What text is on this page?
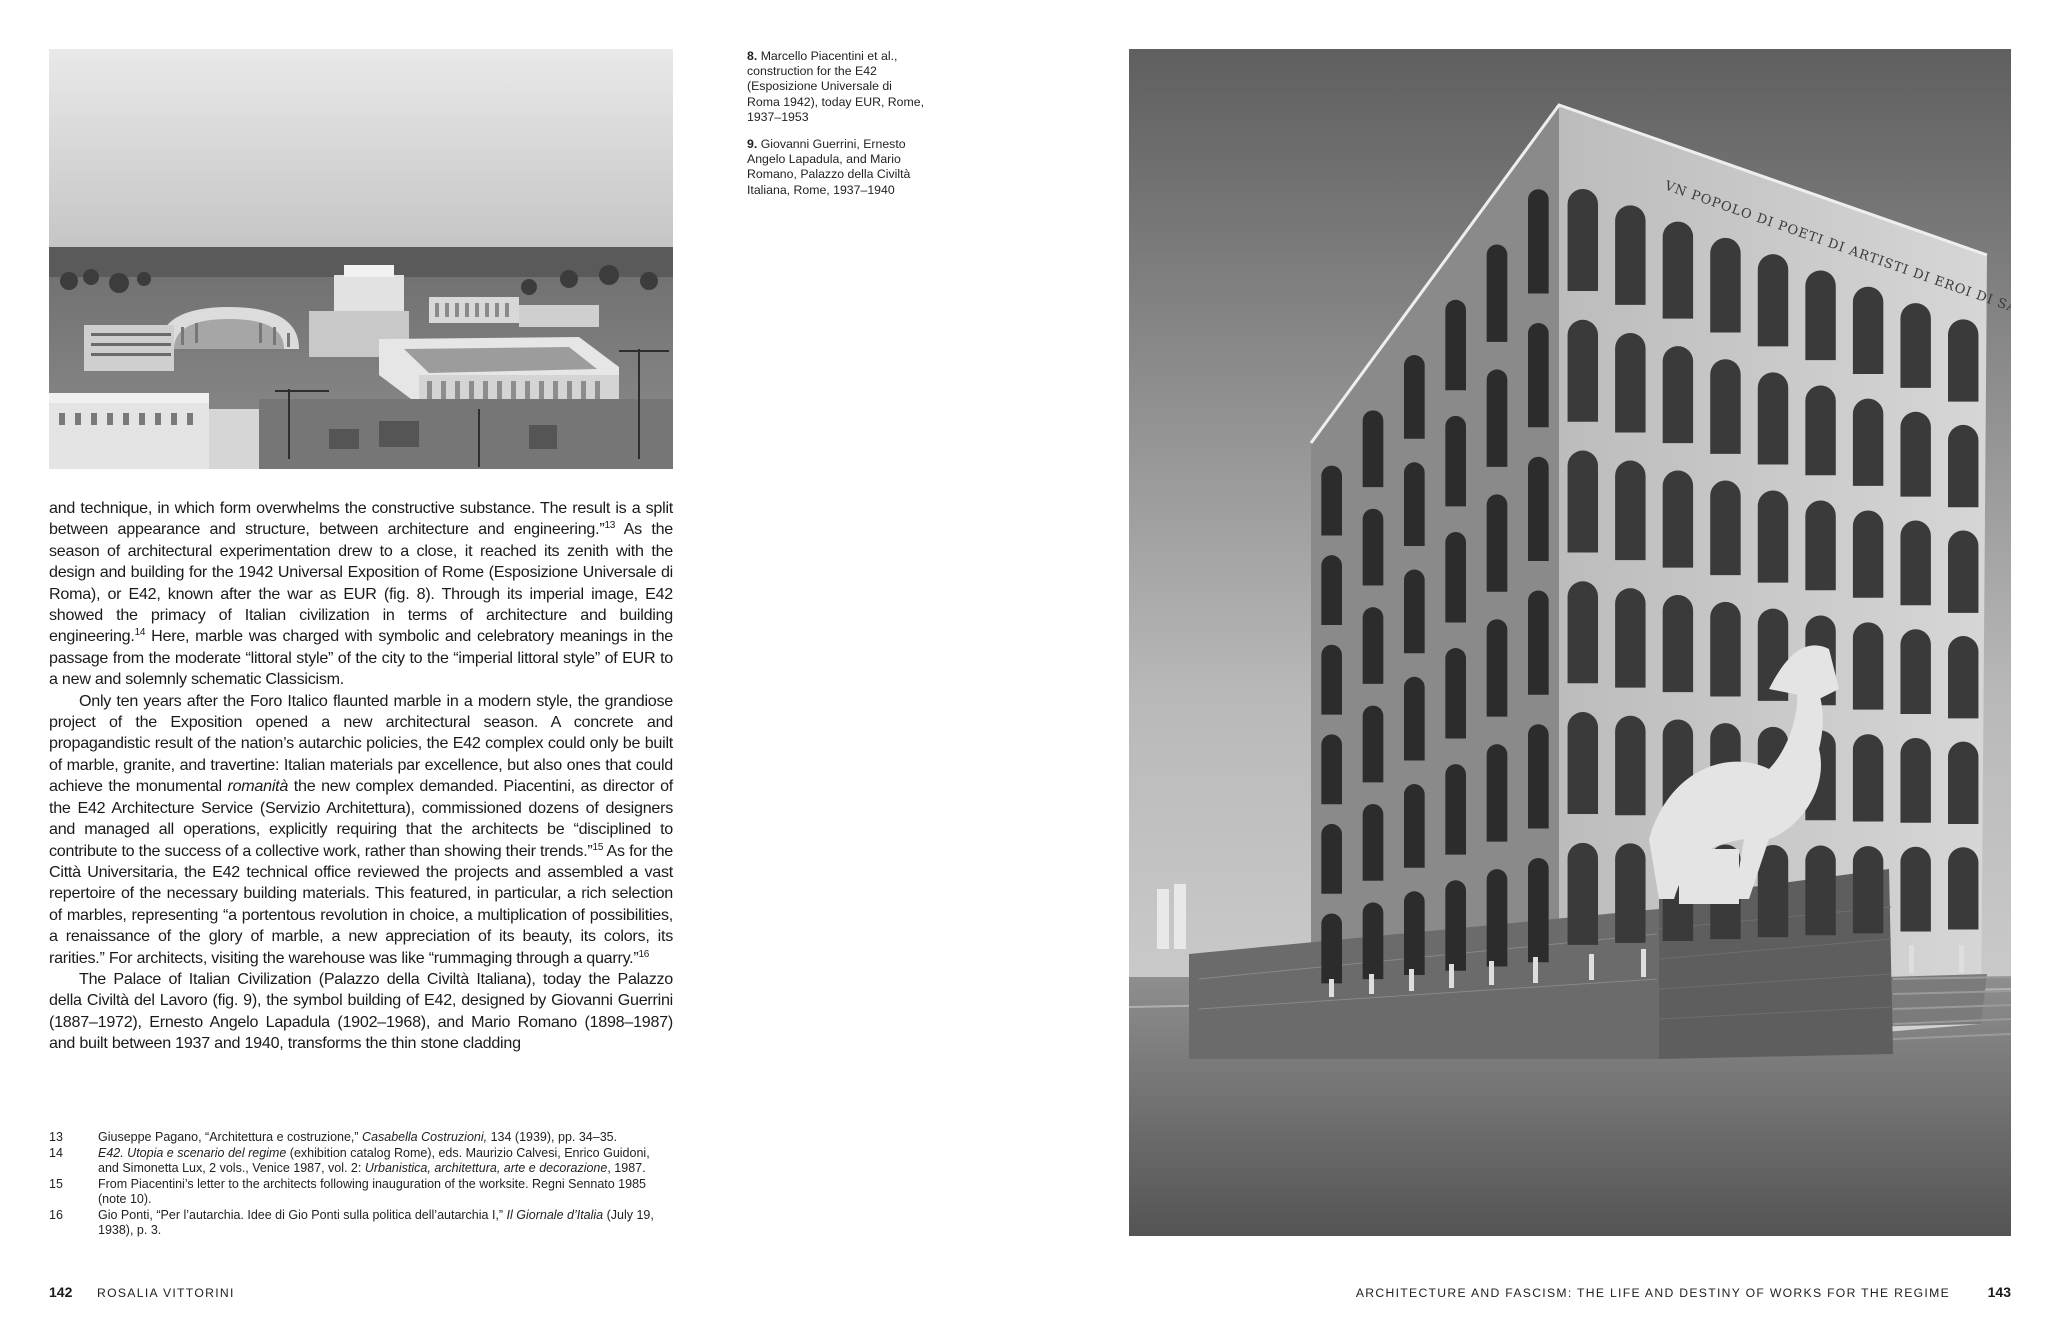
8. Marcello Piacentini et al., construction for the E42 (Esposizione Universale di Roma 1942), today EUR, Rome, 1937–1953
9. Giovanni Guerrini, Ernesto Angelo Lapadula, and Mario Romano, Palazzo della Civiltà Italiana, Rome, 1937–1940	VN POPOLO DI POETI DI ARTISTI DI EROI DI SANTI

and technique, in which form overwhelms the constructive substance. The result is a split between appearance and structure, between architecture and engineering.”$^{13}$ As the season of architectural experimentation drew to a close, it reached its zenith with the design and building for the 1942 Universal Exposition of Rome (Esposizione Universale di Roma), or E42, known after the war as EUR (fig. 8). Through its imperial image, E42 showed the primacy of Italian civilization in terms of architecture and building engineering.$^{14}$ Here, marble was charged with symbolic and celebratory meanings in the passage from the moderate “littoral style” of the city to the “imperial littoral style” of EUR to a new and solemnly schematic Classicism.

Only ten years after the Foro Italico flaunted marble in a modern style, the grandiose project of the Exposition opened a new architectural season. A concrete and propagandistic result of the nation’s autarchic policies, the E42 complex could only be built of marble, granite, and travertine: Italian materials par excellence, but also ones that could achieve the monumental romanità the new complex demanded. Piacentini, as director of the E42 Architecture Service (Servizio Architettura), commissioned dozens of designers and managed all operations, explicitly requiring that the architects be “disciplined to contribute to the success of a collective work, rather than showing their trends.”$^{15}$ As for the Città Universitaria, the E42 technical office reviewed the projects and assembled a vast repertoire of the necessary building materials. This featured, in particular, a rich selection of marbles, representing “a portentous revolution in choice, a multiplication of possibilities, a renaissance of the glory of marble, a new appreciation of its beauty, its colors, its rarities.” For architects, visiting the warehouse was like “rummaging through a quarry.”$^{16}$

The Palace of Italian Civilization (Palazzo della Civiltà Italiana), today the Palazzo della Civiltà del Lavoro (fig. 9), the symbol building of E42, designed by Giovanni Guerrini (1887–1972), Ernesto Angelo Lapadula (1902–1968), and Mario Romano (1898–1987) and built between 1937 and 1940, transforms the thin stone cladding

13	Giuseppe Pagano, “Architettura e costruzione,” Casabella Costruzioni, 134 (1939), pp. 34–35.
14	E42. Utopia e scenario del regime (exhibition catalog Rome), eds. Maurizio Calvesi, Enrico Guidoni, and Simonetta Lux, 2 vols., Venice 1987, vol. 2: Urbanistica, architettura, arte e decorazione, 1987.
15	From Piacentini’s letter to the architects following inauguration of the worksite. Regni Sennato 1985 (note 10).
16	Gio Ponti, “Per l’autarchia. Idee di Gio Ponti sulla politica dell’autarchia I,” Il Giornale d’Italia (July 19, 1938), p. 3.
142 ROSALIA VITTORINI	ARCHITECTURE AND FASCISM: THE LIFE AND DESTINY OF WORKS FOR THE REGIME	143
